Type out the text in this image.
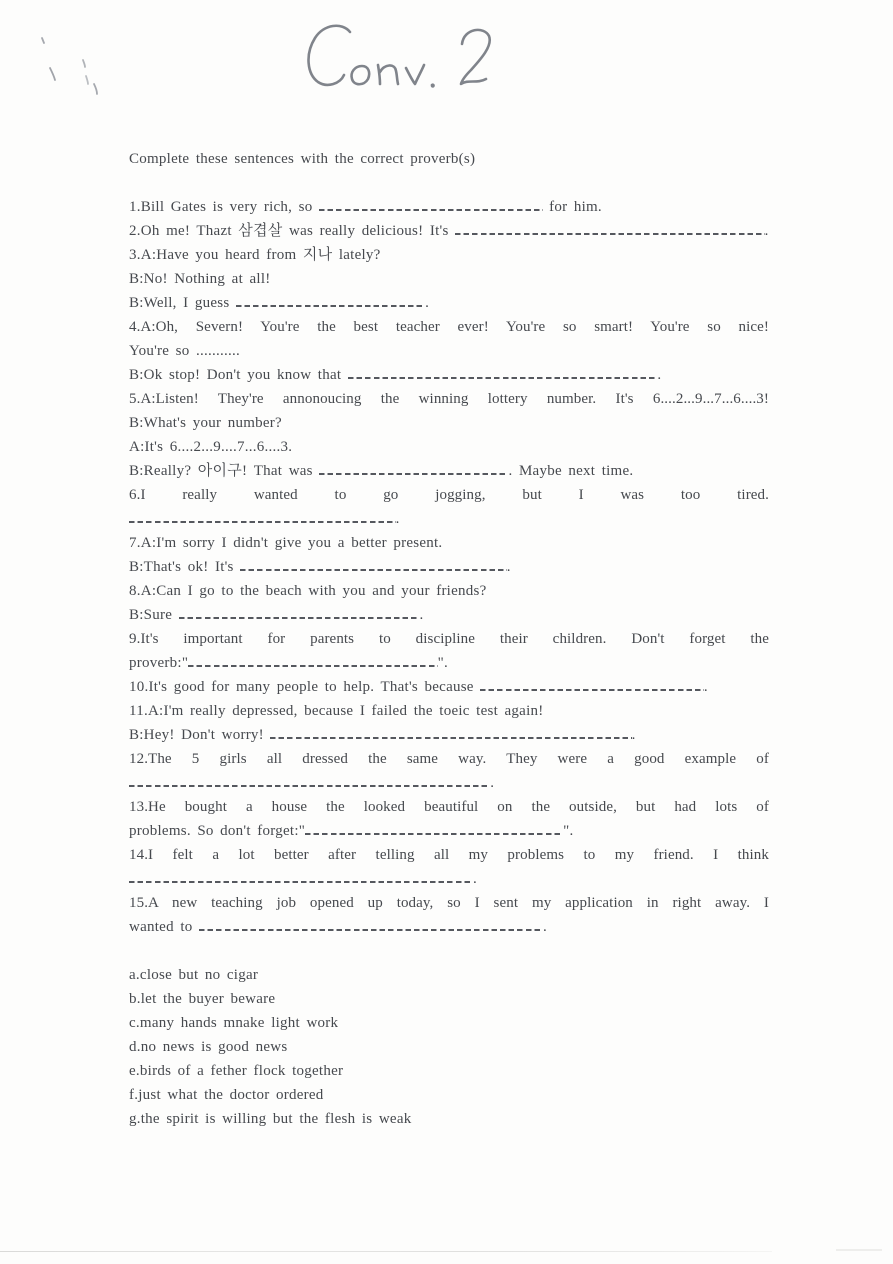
Complete these sentences with the correct proverb(s)
1.Bill Gates is very rich, so	for him.
2.Oh me! Thazt 삼겹살 was really delicious! It's	.
3.A:Have you heard from 지나 lately?
B:No! Nothing at all!
B:Well, I guess	.
4.A:Oh, Severn! You're the best teacher ever! You're so smart! You're so nice!
You're so ...........
B:Ok stop! Don't you know that	.
5.A:Listen! They're annonoucing the winning lottery number. It's 6....2...9...7...6....3!
B:What's your number?
A:It's 6....2...9....7...6....3.
B:Really? 아이구! That was	. Maybe next time.
6.I really wanted to go jogging, but I was too tired.
.
7.A:I'm sorry I didn't give you a better present.
B:That's ok! It's	.
8.A:Can I go to the beach with you and your friends?
B:Sure	.
9.It's important for parents to discipline their children. Don't forget the
proverb:"	".
10.It's good for many people to help. That's because	.
11.A:I'm really depressed, because I failed the toeic test again!
B:Hey! Don't worry!	.
12.The 5 girls all dressed the same way. They were a good example of
.
13.He bought a house the looked beautiful on the outside, but had lots of
problems. So don't forget:"	".
14.I felt a lot better after telling all my problems to my friend. I think
.
15.A new teaching job opened up today, so I sent my application in right away. I
wanted to	.
a.close but no cigar
b.let the buyer beware
c.many hands mnake light work
d.no news is good news
e.birds of a fether flock together
f.just what the doctor ordered
g.the spirit is willing but the flesh is weak
